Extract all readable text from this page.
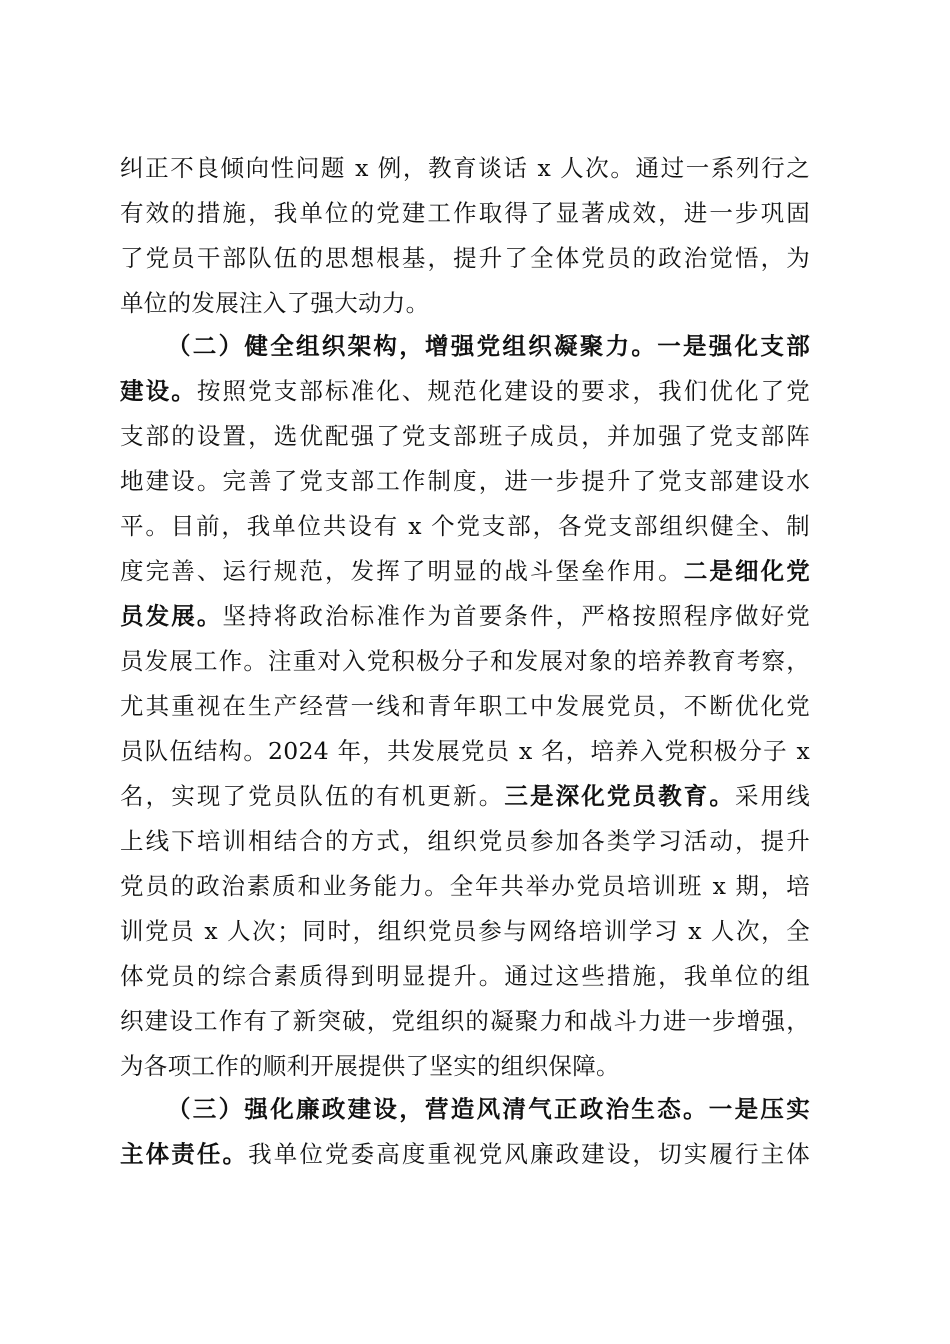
纠正不良倾向性问题 x 例，教育谈话 x 人次。通过一系列行之
有效的措施，我单位的党建工作取得了显著成效，进一步巩固
了党员干部队伍的思想根基，提升了全体党员的政治觉悟，为
单位的发展注入了强大动力。
（二）健全组织架构，增强党组织凝聚力。一是强化支部
建设。按照党支部标准化、规范化建设的要求，我们优化了党
支部的设置，选优配强了党支部班子成员，并加强了党支部阵
地建设。完善了党支部工作制度，进一步提升了党支部建设水
平。目前，我单位共设有 x 个党支部，各党支部组织健全、制
度完善、运行规范，发挥了明显的战斗堡垒作用。二是细化党
员发展。坚持将政治标准作为首要条件，严格按照程序做好党
员发展工作。注重对入党积极分子和发展对象的培养教育考察，
尤其重视在生产经营一线和青年职工中发展党员，不断优化党
员队伍结构。2024 年，共发展党员 x 名，培养入党积极分子 x
名，实现了党员队伍的有机更新。三是深化党员教育。采用线
上线下培训相结合的方式，组织党员参加各类学习活动，提升
党员的政治素质和业务能力。全年共举办党员培训班 x 期，培
训党员 x 人次；同时，组织党员参与网络培训学习 x 人次，全
体党员的综合素质得到明显提升。通过这些措施，我单位的组
织建设工作有了新突破，党组织的凝聚力和战斗力进一步增强，
为各项工作的顺利开展提供了坚实的组织保障。
（三）强化廉政建设，营造风清气正政治生态。一是压实
主体责任。我单位党委高度重视党风廉政建设，切实履行主体
